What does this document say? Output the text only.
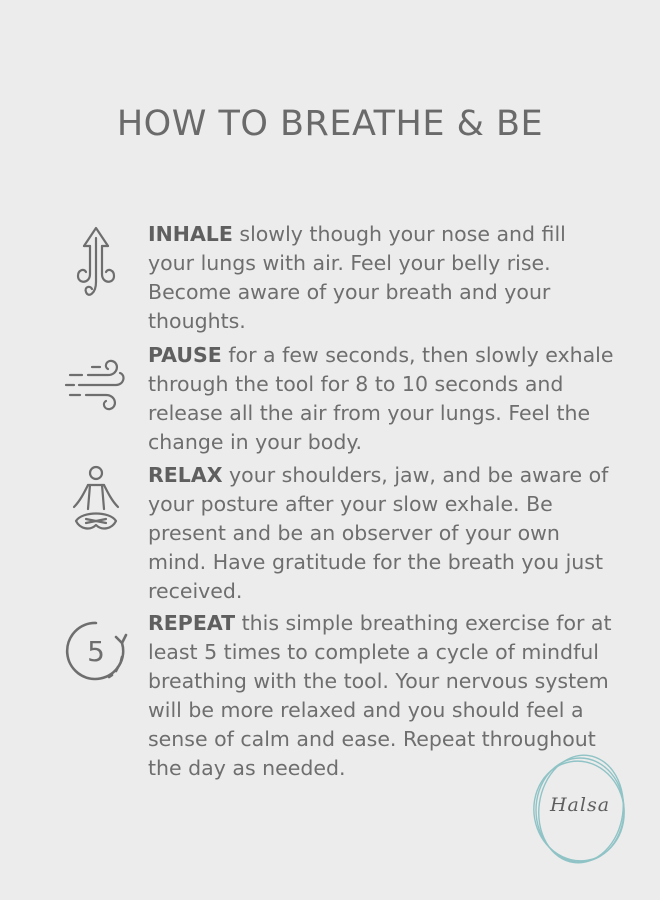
HOW TO BREATHE & BE

INHALE slowly though your nose and fill your lungs with air. Feel your belly rise. Become aware of your breath and your thoughts.

PAUSE for a few seconds, then slowly exhale through the tool for 8 to 10 seconds and release all the air from your lungs. Feel the change in your body.

RELAX your shoulders, jaw, and be aware of your posture after your slow exhale. Be present and be an observer of your own mind. Have gratitude for the breath you just received.

5

REPEAT this simple breathing exercise for at least 5 times to complete a cycle of mindful breathing with the tool. Your nervous system will be more relaxed and you should feel a sense of calm and ease. Repeat throughout the day as needed.

Halsa
